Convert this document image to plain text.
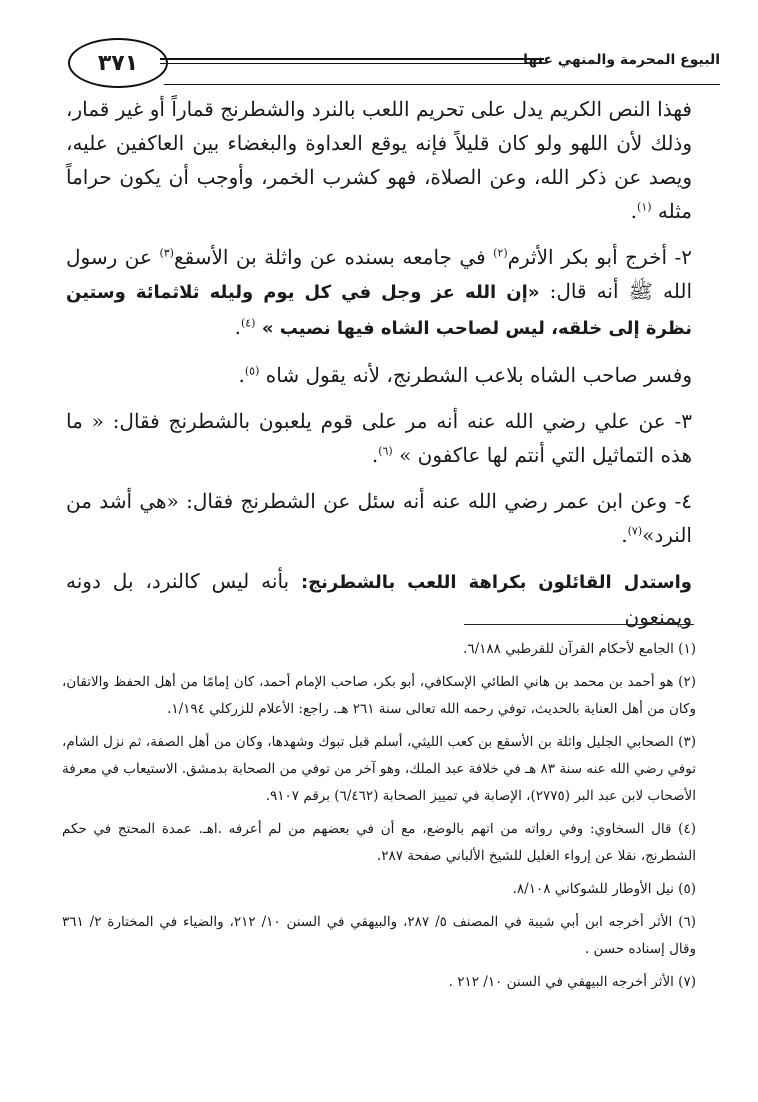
٣٧١	البيوع المحرمة والمنهي عنها

فهذا النص الكريم يدل على تحريم اللعب بالنرد والشطرنج قماراً أو غير قمار، وذلك لأن اللهو ولو كان قليلاً فإنه يوقع العداوة والبغضاء بين العاكفين عليه، ويصد عن ذكر الله، وعن الصلاة، فهو كشرب الخمر، وأوجب أن يكون حراماً مثله $^{(١)}$.

٢- أخرج أبو بكر الأثرم$^{(٢)}$ في جامعه بسنده عن واثلة بن الأسقع$^{(٣)}$ عن رسول الله ﷺ أنه قال: «إن الله عز وجل في كل يوم وليله ثلاثمائة وستين نظرة إلى خلقه، ليس لصاحب الشاه فيها نصيب » $^{(٤)}$.

وفسر صاحب الشاه بلاعب الشطرنج، لأنه يقول شاه $^{(٥)}$.

٣- عن علي رضي الله عنه أنه مر على قوم يلعبون بالشطرنج فقال: « ما هذه التماثيل التي أنتم لها عاكفون » $^{(٦)}$.

٤- وعن ابن عمر رضي الله عنه أنه سئل عن الشطرنج فقال: «هي أشد من النرد»$^{(٧)}$.

واستدل القائلون بكراهة اللعب بالشطرنج: بأنه ليس كالنرد، بل دونه ويمنعون

(١) الجامع لأحكام القرآن للقرطبي ٦/١٨٨.

(٢) هو أحمد بن محمد بن هاني الطائي الإسكافي، أبو بكر، صاحب الإمام أحمد، كان إمامًا من أهل الحفظ والاتقان، وكان من أهل العناية بالحديث، توفي رحمه الله تعالى سنة ٢٦١ هـ. راجع: الأعلام للزركلي ١/١٩٤.

(٣) الصحابي الجليل واثلة بن الأسقع بن كعب الليثي، أسلم قبل تبوك وشهدها، وكان من أهل الصفة، ثم نزل الشام، توفي رضي الله عنه سنة ٨٣ هـ في خلافة عبد الملك، وهو آخر من توفي من الصحابة بدمشق. الاستيعاب في معرفة الأصحاب لابن عبد البر (٢٧٧٥)، الإصابة في تمييز الصحابة (٦/٤٦٢) برقم ٩١٠٧.

(٤) قال السخاوي: وفي رواته من اتهم بالوضع، مع أن في بعضهم من لم أعرفه .اهـ. عمدة المحتج في حكم الشطرنج، نقلا عن إرواء الغليل للشيخ الألباني صفحة ٢٨٧.

(٥) نيل الأوطار للشوكاني ٨/١٠٨.

(٦) الأثر أخرجه ابن أبي شيبة في المصنف ٥/ ٢٨٧، والبيهقي في السنن ١٠/ ٢١٢، والضياء في المختارة ٢/ ٣٦١ وقال إسناده حسن .

(٧) الأثر أخرجه البيهقي في السنن ١٠/ ٢١٢ .
